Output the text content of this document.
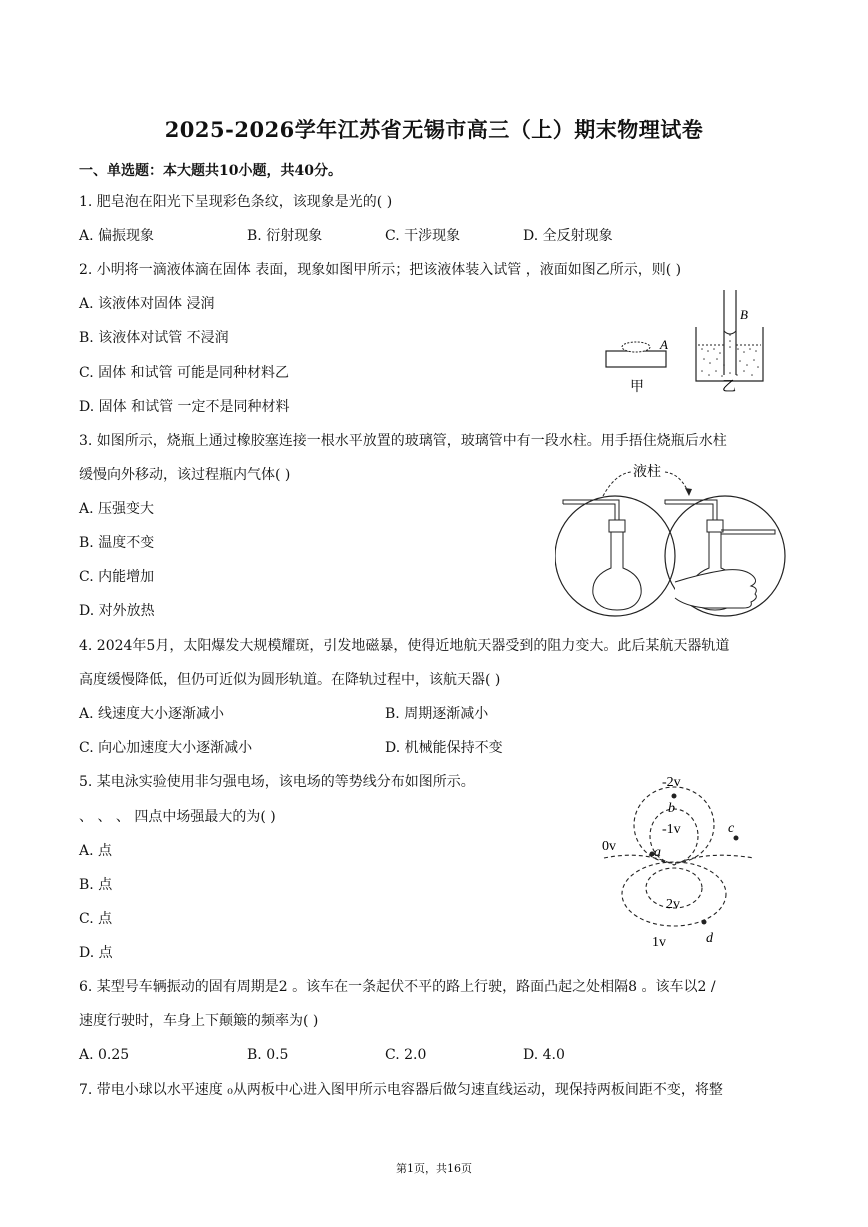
2025-2026学年江苏省无锡市高三（上）期末物理试卷
一、单选题：本大题共10小题，共40分。
1. 肥皂泡在阳光下呈现彩色条纹，该现象是光的( )
A. 偏振现象	B. 衍射现象	C. 干涉现象	D. 全反射现象
2. 小明将一滴液体滴在固体 表面，现象如图甲所示；把该液体装入试管 ，液面如图乙所示，则( )
A. 该液体对固体 浸润
B. 该液体对试管 不浸润
C. 固体 和试管 可能是同种材料乙
D. 固体 和试管 一定不是同种材料
A
甲
B
乙
3. 如图所示，烧瓶上通过橡胶塞连接一根水平放置的玻璃管，玻璃管中有一段水柱。用手捂住烧瓶后水柱
缓慢向外移动，该过程瓶内气体( )
A. 压强变大
B. 温度不变
C. 内能增加
D. 对外放热
液柱
4. 2024年5月，太阳爆发大规模耀斑，引发地磁暴，使得近地航天器受到的阻力变大。此后某航天器轨道
高度缓慢降低，但仍可近似为圆形轨道。在降轨过程中，该航天器( )
A. 线速度大小逐渐减小	B. 周期逐渐减小
C. 向心加速度大小逐渐减小	D. 机械能保持不变
5. 某电泳实验使用非匀强电场，该电场的等势线分布如图所示。
、 、 、 四点中场强最大的为( )
A. 点
B. 点
C. 点
D. 点
-2v
-1v
0v
2v
1v
a
b
c
d
6. 某型号车辆振动的固有周期是2 。该车在一条起伏不平的路上行驶，路面凸起之处相隔8 。该车以2 /
速度行驶时，车身上下颠簸的频率为( )
A. 0.25	B. 0.5	C. 2.0	D. 4.0
7. 带电小球以水平速度 ₀从两板中心进入图甲所示电容器后做匀速直线运动，现保持两板间距不变，将整
第1页，共16页
